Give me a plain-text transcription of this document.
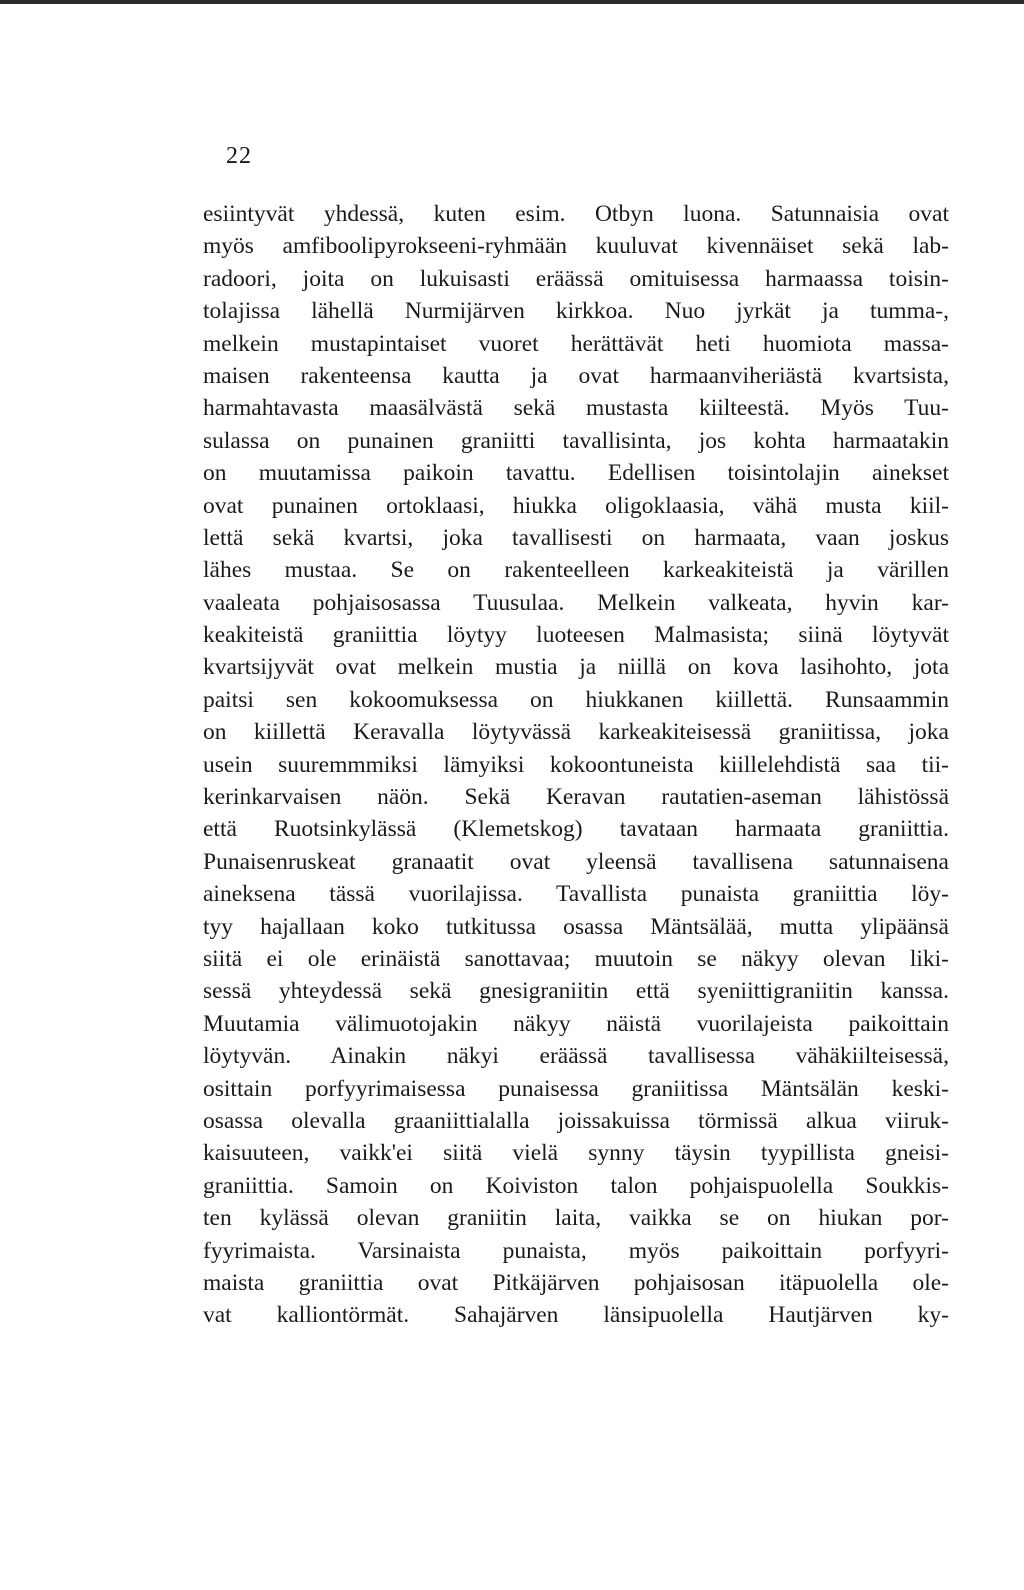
22
esiintyvät yhdessä, kuten esim. Otbyn luona. Satunnaisia ovat
myös amfiboolipyrokseeni-ryhmään kuuluvat kivennäiset sekä lab-
radoori, joita on lukuisasti eräässä omituisessa harmaassa toisin-
tolajissa lähellä Nurmijärven kirkkoa. Nuo jyrkät ja tumma-,
melkein mustapintaiset vuoret herättävät heti huomiota massa-
maisen rakenteensa kautta ja ovat harmaanviheriästä kvartsista,
harmahtavasta maasälvästä sekä mustasta kiilteestä. Myös Tuu-
sulassa on punainen graniitti tavallisinta, jos kohta harmaatakin
on muutamissa paikoin tavattu. Edellisen toisintolajin ainekset
ovat punainen ortoklaasi, hiukka oligoklaasia, vähä musta kiil-
lettä sekä kvartsi, joka tavallisesti on harmaata, vaan joskus
lähes mustaa. Se on rakenteelleen karkeakiteistä ja värillen
vaaleata pohjaisosassa Tuusulaa. Melkein valkeata, hyvin kar-
keakiteistä graniittia löytyy luoteesen Malmasista; siinä löytyvät
kvartsijyvät ovat melkein mustia ja niillä on kova lasihohto, jota
paitsi sen kokoomuksessa on hiukkanen kiillettä. Runsaammin
on kiillettä Keravalla löytyvässä karkeakiteisessä graniitissa, joka
usein suuremmmiksi lämyiksi kokoontuneista kiillelehdistä saa tii-
kerinkarvaisen näön. Sekä Keravan rautatien-aseman lähistössä
että Ruotsinkylässä (Klemetskog) tavataan harmaata graniittia.
Punaisenruskeat granaatit ovat yleensä tavallisena satunnaisena
aineksena tässä vuorilajissa. Tavallista punaista graniittia löy-
tyy hajallaan koko tutkitussa osassa Mäntsälää, mutta ylipäänsä
siitä ei ole erinäistä sanottavaa; muutoin se näkyy olevan liki-
sessä yhteydessä sekä gnesigraniitin että syeniittigraniitin kanssa.
Muutamia välimuotojakin näkyy näistä vuorilajeista paikoittain
löytyvän. Ainakin näkyi eräässä tavallisessa vähäkiilteisessä,
osittain porfyyrimaisessa punaisessa graniitissa Mäntsälän keski-
osassa olevalla graaniittialalla joissakuissa törmissä alkua viiruk-
kaisuuteen, vaikk'ei siitä vielä synny täysin tyypillista gneisi-
graniittia. Samoin on Koiviston talon pohjaispuolella Soukkis-
ten kylässä olevan graniitin laita, vaikka se on hiukan por-
fyyrimaista. Varsinaista punaista, myös paikoittain porfyyri-
maista graniittia ovat Pitkäjärven pohjaisosan itäpuolella ole-
vat kalliontörmät. Sahajärven länsipuolella Hautjärven ky-
